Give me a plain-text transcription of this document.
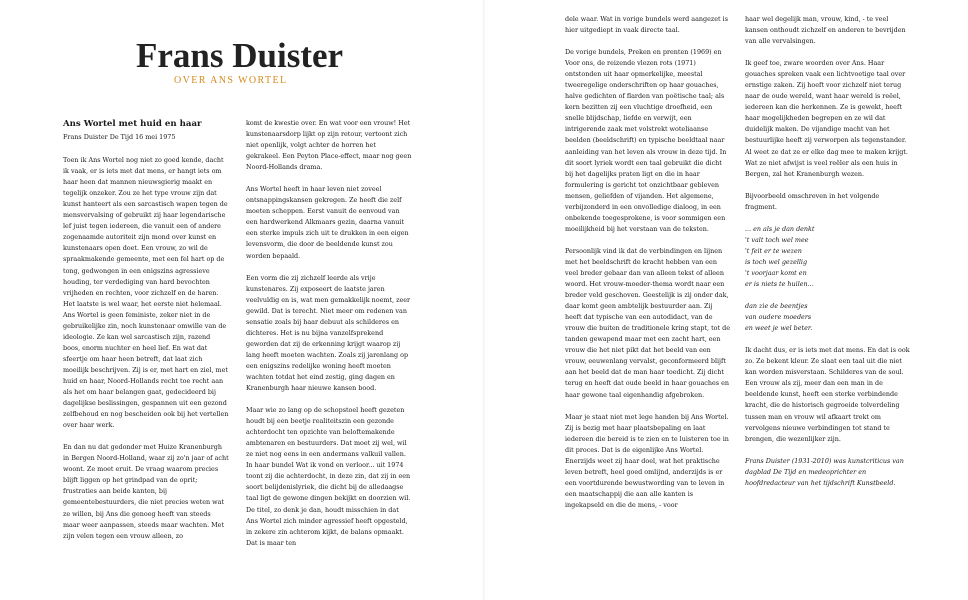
Frans Duister
OVER ANS WORTEL
Ans Wortel met huid en haar

Frans Duister De Tijd 16 mei 1975

Toen ik Ans Wortel nog niet zo goed kende, dacht ik vaak, er is iets met dat mens, er hangt iets om haar heen dat mannen nieuwsgierig maakt en tegelijk onzeker. Zou ze het type vrouw zijn dat kunst hanteert als een sarcastisch wapen tegen de mensvervalsing of gebruikt zij haar legendarische lef juist tegen iedereen, die vanuit een of andere zogenaamde autoriteit zijn mond over kunst en kunstenaars open doet. Een vrouw, zo wil de spraakmakende gemeente, met een fel hart op de tong, gedwongen in een enigszins agressieve houding, ter verdediging van hard bevochten vrijheden en rechten, voor zichzelf en de haren. Het laatste is wel waar, het eerste niet helemaal. Ans Wortel is geen feministe, zeker niet in de gebruikelijke zin, noch kunstenaar omwille van de ideologie. Ze kan wel sarcastisch zijn, razend boos, enorm nuchter en heel lief. En wat dat sfeertje om haar heen betreft, dat laat zich moeilijk beschrijven. Zij is er, met hart en ziel, met huid en haar, Noord-Hollands recht toe recht aan als het om haar belangen gaat, gedecideerd bij dagelijkse beslissingen, gespannen uit een gezond zelfbehoud en nog bescheiden ook bij het vertellen over haar werk.

En dan nu dat gedonder met Huize Kranenburgh in Bergen Noord-Holland, waar zij zo'n jaar of acht woont. Ze moet eruit. De vraag waarom precies blijft liggen op het grindpad van de oprit; frustraties aan beide kanten, bij gemeentebestuurders, die niet precies weten wat ze willen, bij Ans die genoeg heeft van steeds maar weer aanpassen, steeds maar wachten. Met zijn velen tegen een vrouw alleen, zo

komt de kwestie over. En wat voor een vrouw! Het kunstenaarsdorp lijkt op zijn retour, vertoont zich niet openlijk, volgt achter de horren het gekrakeel. Een Peyton Place-effect, maar nog geen Noord-Hollands drama.

Ans Wortel heeft in haar leven niet zoveel ontsnappingskansen gekregen. Ze heeft die zelf moeten scheppen. Eerst vanuit de eenvoud van een hardwerkend Alkmaars gezin, daarna vanuit een sterke impuls zich uit te drukken in een eigen levensvorm, die door de beeldende kunst zou worden bepaald.

Een vorm die zij zichzelf leerde als vrije kunstenares. Zij exposeert de laatste jaren veelvuldig en is, wat men gemakkelijk noemt, zeer gewild. Dat is terecht. Niet meer om redenen van sensatie zoals bij haar debuut als schilderes en dichteres. Het is nu bijna vanzelfsprekend geworden dat zij de erkenning krijgt waarop zij lang heeft moeten wachten. Zoals zij jarenlang op een enigszins redelijke woning heeft moeten wachten totdat het eind zestig, ging dagen en Kranenburgh haar nieuwe kansen bood.

Maar wie zo lang op de schopstoel heeft gezeten houdt bij een beetje realiteitszin een gezonde achterdocht ten opzichte van beloftemakende ambtenaren en bestuurders. Dat moet zij wel, wil ze niet nog eens in een andermans valkuil vallen. In haar bundel Wat ik vond en verloor... uit 1974 toont zij die achterdocht, in deze zin, dat zij in een soort belijdenislyriek, die dicht bij de alledaagse taal ligt de gewone dingen bekijkt en doorzien wil. De titel, zo denk je dan, houdt misschien in dat Ans Wortel zich minder agressief heeft opgesteld, in zekere zin achterom kijkt, de balans opmaakt. Dat is maar ten

dele waar. Wat in vorige bundels werd aangezet is hier uitgediept in vaak directe taal.

De vorige bundels, Preken en prenten (1969) en Voor ons, de reizende vlezen rots (1971) ontstonden uit haar opmerkelijke, meestal tweeregelige onderschriften op haar gouaches, halve gedichten of flarden van poëtische taal; als kern bezitten zij een vluchtige droefheid, een snelle blijdschap, liefde en verwijt, een intrigerende zaak met volstrekt woteliaanse beelden (beeldschrift) en typische beeldtaal naar aanleiding van het leven als vrouw in deze tijd. In dit soort lyriek wordt een taal gebruikt die dicht bij het dagelijks praten ligt en die in haar formulering is gericht tot onzichtbaar gebleven mensen, geliefden of vijanden. Het algemene, verbijzonderd in een onvolledige dialoog, in een onbekende toegesprokene, is voor sommigen een moeilijkheid bij het verstaan van de teksten.

Persoonlijk vind ik dat de verbindingen en lijnen met het beeldschrift de kracht hebben van een veel breder gebaar dan van alleen tekst of alleen woord. Het vrouw-moeder-thema wordt naar een breder veld geschoven. Geestelijk is zij onder dak, daar komt geen ambtelijk bestuurder aan. Zij heeft dat typische van een autodidact, van de vrouw die buiten de traditionele kring stapt, tot de tanden gewapend maar met een zacht hart, een vrouw die het niet pikt dat het beeld van een vrouw, eeuwenlang vervalst, geconformeerd blijft aan het beeld dat de man haar toedicht. Zij dicht terug en heeft dat oude beeld in haar gouaches en haar gewone taal eigenhandig afgebroken.

Maar je staat niet met lege handen bij Ans Wortel. Zij is bezig met haar plaatsbepaling en laat iedereen die bereid is te zien en te luisteren toe in dit proces. Dat is de eigenlijke Ans Wortel. Enerzijds weet zij haar doel, wat het praktische leven betreft, heel goed omlijnd, anderzijds is er een voortdurende bewustwording van te leven in een maatschappij die aan alle kanten is ingekapseld en die de mens, - voor

haar wel degelijk man, vrouw, kind, - te veel kansen onthoudt zichzelf en anderen te bevrijden van alle vervalsingen.

Ik geef toe, zware woorden over Ans. Haar gouaches spreken vaak een lichtvoetige taal over ernstige zaken. Zij hoeft voor zichzelf niet terug naar de oude wereld, want haar wereld is reëel, iedereen kan die herkennen. Ze is gewekt, heeft haar mogelijkheden begrepen en ze wil dat duidelijk maken. De vijandige macht van het bestuurlijke heeft zij verworpen als tegenstander. Al weet ze dat ze er elke dag mee te maken krijgt. Wat ze niet afwijst is veel reëler als een huis in Bergen, zal het Kranenburgh wezen.

Bijvoorbeeld omschreven in het volgende fragment.

... en als je dan denkt

't valt toch wel mee

't feit er te wezen

is toch wel gezellig

't voorjaar komt en

er is niets te huilen...

dan zie de beentjes

van oudere moeders

en weet je wel beter.

Ik dacht dus, er is iets met dat mens. En dat is ook zo. Ze bekent kleur. Ze slaat een taal uit die niet kan worden misverstaan. Schilderes van de soul. Een vrouw als zij, meer dan een man in de beeldende kunst, heeft een sterke verbindende kracht, die de historisch gegroeide tolverdeling tussen man en vrouw wil afkaart trekt om vervolgens nieuwe verbindingen tot stand te brengen, die wezenlijker zijn.

Frans Duister (1931-2010) was kunstcriticus van dagblad De Tijd en medeoprichter en hoofdredacteur van het tijdschrift Kunstbeeld.
